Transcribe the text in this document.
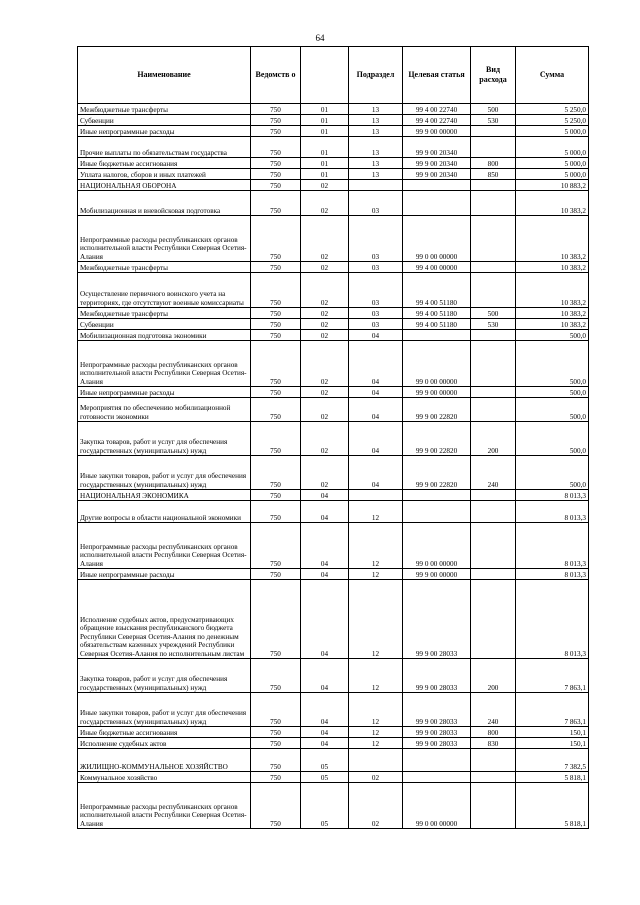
64
Наименование	Ведомств о		Подраздел	Целевая статья	Вид расхода	Сумма
Межбюджетные трансферты	750	01	13	99 4 00 22740	500	5 250,0
Субвенции	750	01	13	99 4 00 22740	530	5 250,0
Иные непрограммные расходы	750	01	13	99 9 00 00000		5 000,0
Прочие выплаты по обязательствам государства	750	01	13	99 9 00 20340		5 000,0
Иные бюджетные ассигнования	750	01	13	99 9 00 20340	800	5 000,0
Уплата налогов, сборов и иных платежей	750	01	13	99 9 00 20340	850	5 000,0
НАЦИОНАЛЬНАЯ ОБОРОНА	750	02				10 883,2
Мобилизационная и вневойсковая подготовка	750	02	03			10 383,2
Непрограммные расходы республиканских органов исполнительной власти Республики Северная Осетия-Алания	750	02	03	99 0 00 00000		10 383,2
Межбюджетные трансферты	750	02	03	99 4 00 00000		10 383,2
Осуществление первичного воинского учета на территориях, где отсутствуют военные комиссариаты	750	02	03	99 4 00 51180		10 383,2
Межбюджетные трансферты	750	02	03	99 4 00 51180	500	10 383,2
Субвенции	750	02	03	99 4 00 51180	530	10 383,2
Мобилизационная подготовка экономики	750	02	04			500,0
Непрограммные расходы республиканских органов исполнительной власти Республики Северная Осетия-Алания	750	02	04	99 0 00 00000		500,0
Иные непрограммные расходы	750	02	04	99 9 00 00000		500,0
Мероприятия по обеспечению мобилизационной готовности экономики	750	02	04	99 9 00 22820		500,0
Закупка товаров, работ и услуг для обеспечения государственных (муниципальных) нужд	750	02	04	99 9 00 22820	200	500,0
Иные закупки товаров, работ и услуг для обеспечения государственных (муниципальных) нужд	750	02	04	99 9 00 22820	240	500,0
НАЦИОНАЛЬНАЯ ЭКОНОМИКА	750	04				8 013,3
Другие вопросы в области национальной экономики	750	04	12			8 013,3
Непрограммные расходы республиканских органов исполнительной власти Республики Северная Осетия-Алания	750	04	12	99 0 00 00000		8 013,3
Иные непрограммные расходы	750	04	12	99 9 00 00000		8 013,3
Исполнение судебных актов, предусматривающих обращение взыскания республиканского бюджета Республики Северная Осетия-Алания по денежным обязательствам казенных учреждений Республики Северная Осетия-Алания по исполнительным листам	750	04	12	99 9 00 28033		8 013,3
Закупка товаров, работ и услуг для обеспечения государственных (муниципальных) нужд	750	04	12	99 9 00 28033	200	7 863,1
Иные закупки товаров, работ и услуг для обеспечения государственных (муниципальных) нужд	750	04	12	99 9 00 28033	240	7 863,1
Иные бюджетные ассигнования	750	04	12	99 9 00 28033	800	150,1
Исполнение судебных актов	750	04	12	99 9 00 28033	830	150,1
ЖИЛИЩНО-КОММУНАЛЬНОЕ ХОЗЯЙСТВО	750	05				7 382,5
Коммунальное хозяйство	750	05	02			5 818,1
Непрограммные расходы республиканских органов исполнительной власти Республики Северная Осетия-Алания	750	05	02	99 0 00 00000		5 818,1
